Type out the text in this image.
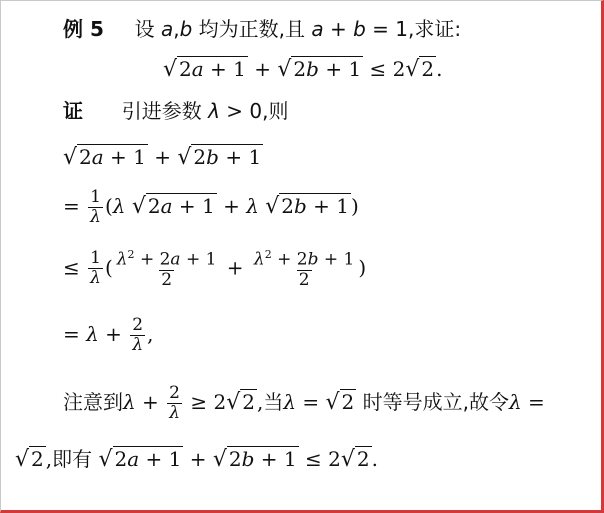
例 5 设 a,b 均为正数,且 a + b = 1,求证:
√ 2a + 1 + √ 2b + 1 ≤ 2√ 2 .
证 引进参数 λ > 0,则
√ 2a + 1 + √ 2b + 1
= $\frac{1}{\lambda} (\lambda$ √ 2a + 1 + λ √ 2b + 1 )
≤ $\frac{1}{\lambda}$ ( $\frac{\lambda^2 + 2a + 1}{2} + \frac{\lambda^2 + 2b + 1}{2}$ )
= $\lambda + \frac{2}{\lambda}$ ,
注意到$\lambda + \frac{2}{\lambda} \ge 2√$ 2 ,当λ = √ 2 时等号成立,故令λ =
√ 2 ,即有 √ 2a + 1 + √ 2b + 1 ≤ 2√ 2 .
